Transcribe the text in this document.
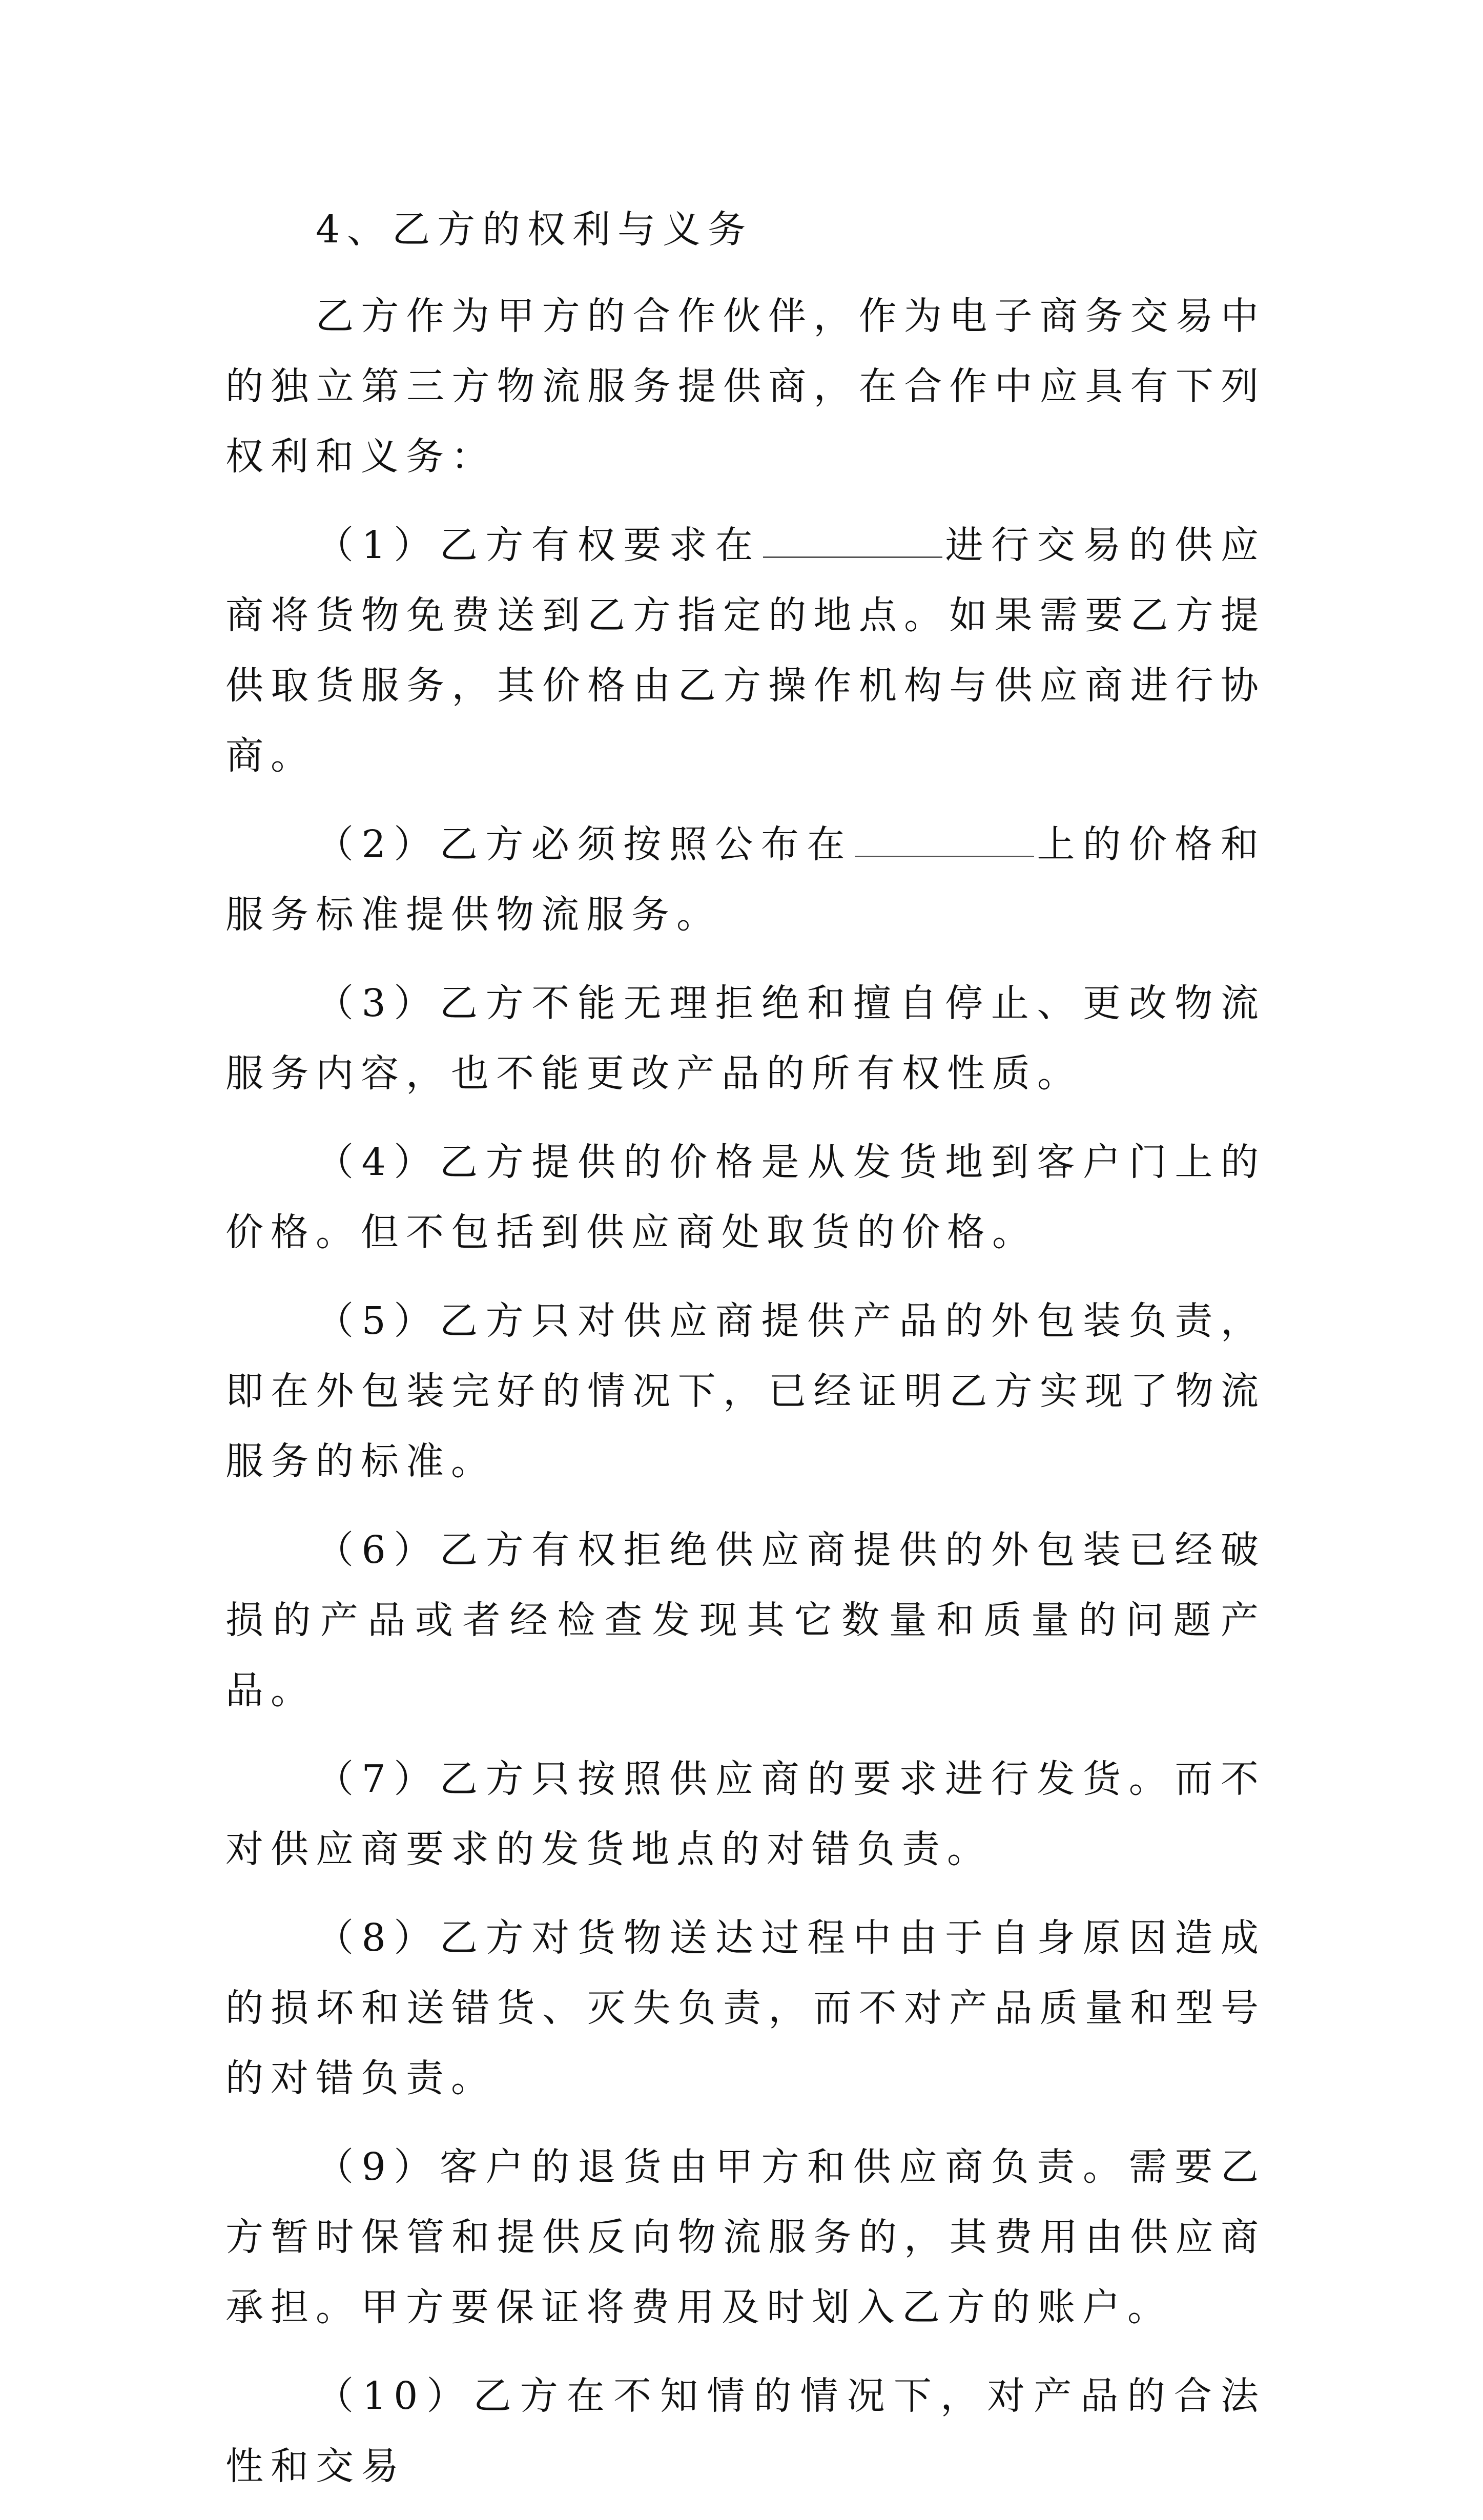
4、乙方的权利与义务

乙方作为甲方的合作伙伴，作为电子商务交易中的独立第三方物流服务提供商，在合作中应具有下列权利和义务：

（1）乙方有权要求在	进行交易的供应商将货物免费送到乙方指定的地点。如果需要乙方提供取货服务，其价格由乙方操作机构与供应商进行协商。

（2）乙方必须按照公布在	上的价格和服务标准提供物流服务。

（3）乙方不能无理拒绝和擅自停止、更改物流服务内容，也不能更改产品的所有权性质。

（4）乙方提供的价格是从发货地到客户门上的价格。但不包括到供应商处取货的价格。

（5）乙方只对供应商提供产品的外包装负责，即在外包装完好的情况下，已经证明乙方实现了物流服务的标准。

（6）乙方有权拒绝供应商提供的外包装已经破损的产品或者经检查发现其它数量和质量的问题产品。

（7）乙方只按照供应商的要求进行发货。而不对供应商要求的发货地点的对错负责。

（8）乙方对货物送达过程中由于自身原因造成的损坏和送错货、灭失负责，而不对产品质量和型号的对错负责。

（9）客户的退货由甲方和供应商负责。需要乙方暂时保管和提供反向物流服务的，其费用由供应商承担。甲方要保证将费用及时划入乙方的账户。

（10）乙方在不知情的情况下，对产品的合法性和交易
